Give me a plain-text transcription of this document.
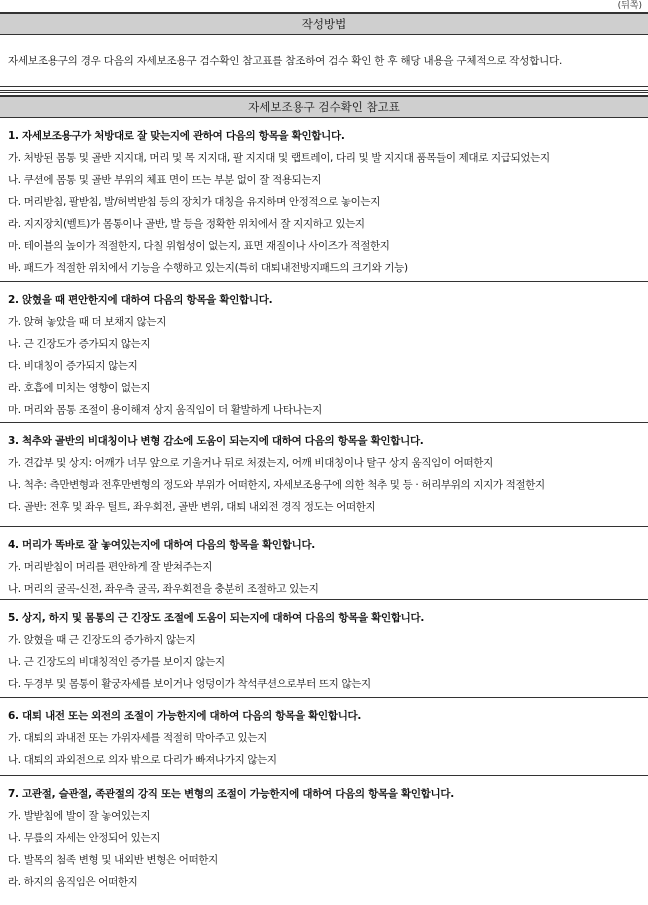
(뒤쪽)
작성방법
자세보조용구의 경우 다음의 자세보조용구 검수확인 참고표를 참조하여 검수 확인 한 후 해당 내용을 구체적으로 작성합니다.
자세보조용구 검수확인 참고표
1. 자세보조용구가 처방대로 잘 맞는지에 관하여 다음의 항목을 확인합니다.
가. 처방된 몸통 및 골반 지지대, 머리 및 목 지지대, 팔 지지대 및 랩트레이, 다리 및 발 지지대 품목들이 제대로 지급되었는지
나. 쿠션에 몸통 및 골반 부위의 체표 면이 뜨는 부분 없이 잘 적용되는지
다. 머리받침, 팔받침, 발/허벅받침 등의 장치가 대칭을 유지하며 안정적으로 놓이는지
라. 지지장치(벨트)가 몸통이나 골반, 발 등을 정확한 위치에서 잘 지지하고 있는지
마. 테이블의 높이가 적절한지, 다칠 위험성이 없는지, 표면 재질이나 사이즈가 적절한지
바. 패드가 적절한 위치에서 기능을 수행하고 있는지(특히 대퇴내전방지패드의 크기와 기능)
2. 앉혔을 때 편안한지에 대하여 다음의 항목을 확인합니다.
가. 앉혀 놓았을 때 더 보채지 않는지
나. 근 긴장도가 증가되지 않는지
다. 비대칭이 증가되지 않는지
라. 호흡에 미치는 영향이 없는지
마. 머리와 몸통 조절이 용이해져 상지 움직임이 더 활발하게 나타나는지
3. 척추와 골반의 비대칭이나 변형 감소에 도움이 되는지에 대하여 다음의 항목을 확인합니다.
가. 견갑부 및 상지: 어깨가 너무 앞으로 기울거나 뒤로 처졌는지, 어깨 비대칭이나 탈구 상지 움직임이 어떠한지
나. 척추: 측만변형과 전후만변형의 정도와 부위가 어떠한지, 자세보조용구에 의한 척추 및 등 · 허리부위의 지지가 적절한지
다. 골반: 전후 및 좌우 틸트, 좌우회전, 골반 변위, 대퇴 내외전 경직 정도는 어떠한지
4. 머리가 똑바로 잘 놓여있는지에 대하여 다음의 항목을 확인합니다.
가. 머리받침이 머리를 편안하게 잘 받쳐주는지
나. 머리의 굴곡-신전, 좌우측 굴곡, 좌우회전을 충분히 조절하고 있는지
5. 상지, 하지 및 몸통의 근 긴장도 조절에 도움이 되는지에 대하여 다음의 항목을 확인합니다.
가. 앉혔을 때 근 긴장도의 증가하지 않는지
나. 근 긴장도의 비대칭적인 증가를 보이지 않는지
다. 두경부 및 몸통이 활궁자세를 보이거나 엉덩이가 착석쿠션으로부터 뜨지 않는지
6. 대퇴 내전 또는 외전의 조절이 가능한지에 대하여 다음의 항목을 확인합니다.
가. 대퇴의 과내전 또는 가위자세를 적절히 막아주고 있는지
나. 대퇴의 과외전으로 의자 밖으로 다리가 빠져나가지 않는지
7. 고관절, 슬관절, 족관절의 강직 또는 변형의 조절이 가능한지에 대하여 다음의 항목을 확인합니다.
가. 발받침에 발이 잘 놓여있는지
나. 무릎의 자세는 안정되어 있는지
다. 발목의 첨족 변형 및 내외반 변형은 어떠한지
라. 하지의 움직임은 어떠한지
